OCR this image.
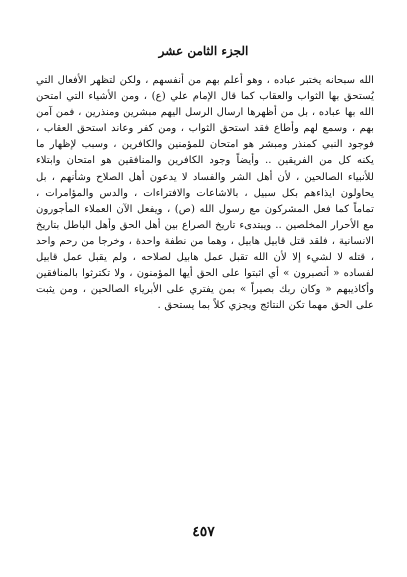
الجزء الثامن عشر

الله سبحانه يختبر عباده ، وهو أعلم بهم من أنفسهم ، ولكن لتظهر الأفعال التي يُستحق بها الثواب والعقاب كما قال الإمام علي (ع) ، ومن الأشياء التي امتحن الله بها عباده ، بل من أظهرها ارسال الرسل اليهم مبشرين ومنذرين ، فمن آمن بهم ، وسمع لهم وأطاع فقد استحق الثواب ، ومن كفر وعاند استحق العقاب ، فوجود النبي كمنذر ومبشر هو امتحان للمؤمنين والكافرين ، وسبب لإظهار ما يكنه كل من الفريقين .. وأيضاً وجود الكافرين والمنافقين هو امتحان وابتلاء للأنبياء الصالحين ، لأن أهل الشر والفساد لا يدعون أهل الصلاح وشأنهم ، بل يحاولون ايذاءهم بكل سبيل ، بالاشاعات والافتراءات ، والدس والمؤامرات ، تماماً كما فعل المشركون مع رسول الله (ص) ، ويفعل الآن العملاء المأجورون مع الأحرار المخلصين .. ويبتدىء تاريخ الصراع بين أهل الحق وأهل الباطل بتاريخ الانسانية ، فلقد قتل قابيل هابيل ، وهما من نطفة واحدة ، وخرجا من رحم واحد ، قتله لا لشيء إلا لأن الله تقبل عمل هابيل لصلاحه ، ولم يقبل عمل قابيل لفساده « أتصبرون » أي اثبتوا على الحق أيها المؤمنون ، ولا تكترثوا بالمنافقين وأكاذيبهم « وكان ربك بصيراً » بمن يفتري على الأبرياء الصالحين ، ومن يثبت على الحق مهما تكن النتائج ويجزي كلاً بما يستحق .

٤٥٧
